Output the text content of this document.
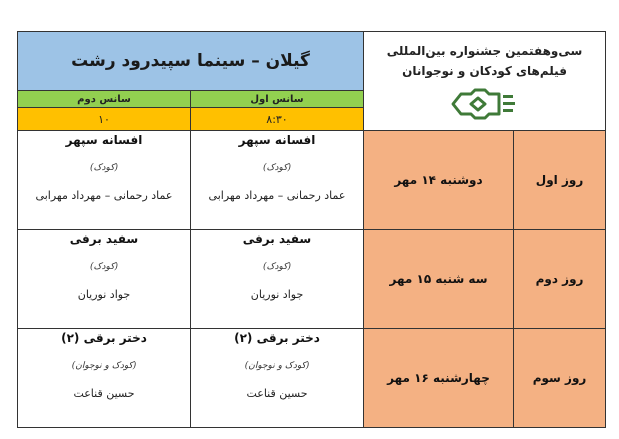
گیلان – سینما سپیدرود رشت		سی‌وهفتمین جشنواره بین‌المللی
فیلم‌های کودکان و نوجوانان	

سانس دوم	سانس اول		
۱۰	۸:۳۰		

افسانه سپهر
(کودک)
عماد رحمانی – مهرداد مهرابی	افسانه سپهر
(کودک)
عماد رحمانی – مهرداد مهرابی	دوشنبه ۱۴ مهر	روز اول

سفید برفی
(کودک)
جواد نوریان	سفید برفی
(کودک)
جواد نوریان	سه شنبه ۱۵ مهر	روز دوم

دختر برقی (۲)
(کودک و نوجوان)
حسین قناعت	دختر برقی (۲)
(کودک و نوجوان)
حسین قناعت	چهارشنبه ۱۶ مهر	روز سوم
